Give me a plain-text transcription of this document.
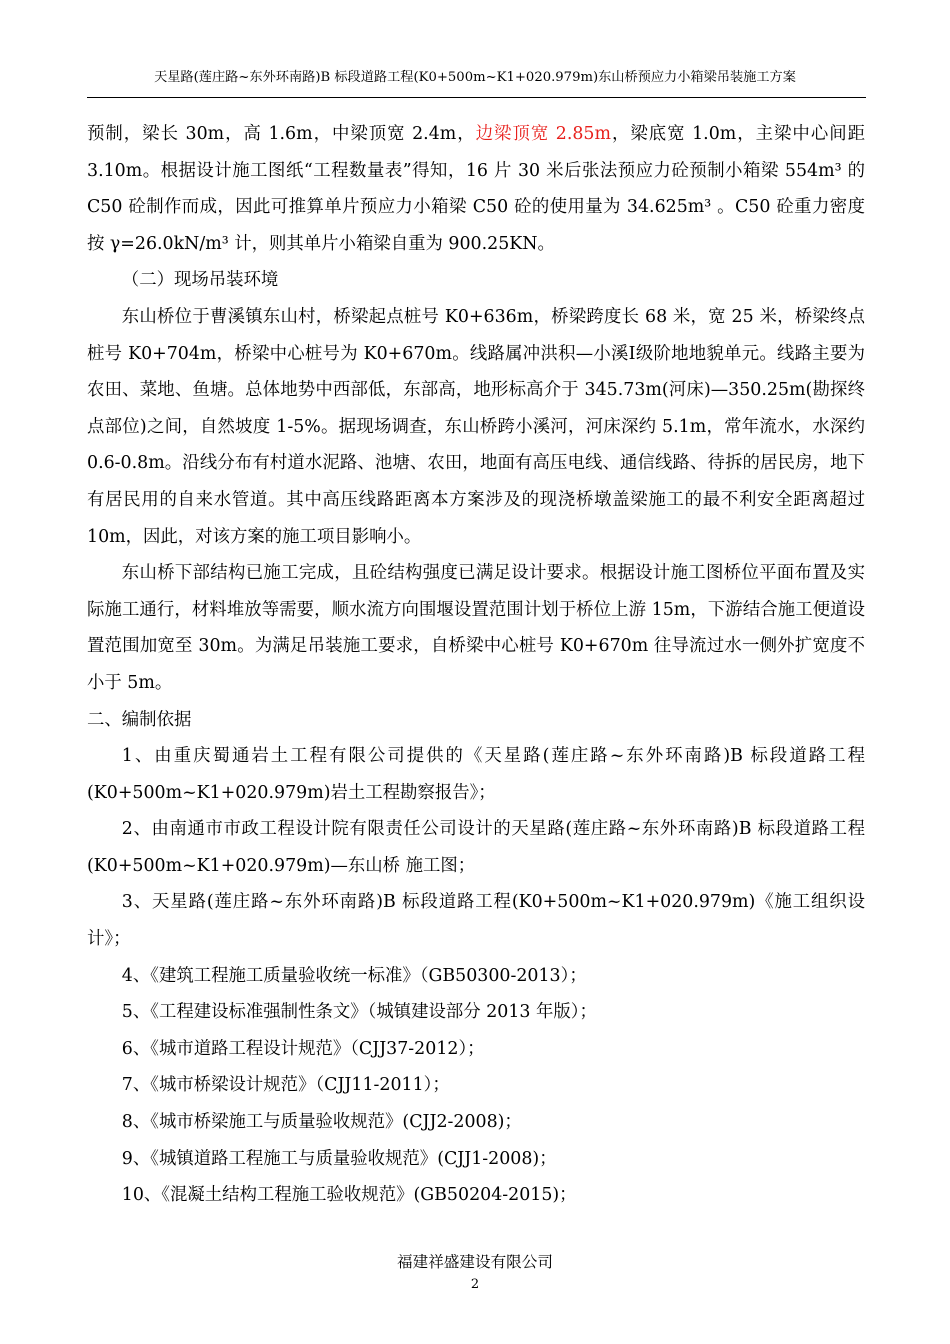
天星路(莲庄路~东外环南路)B 标段道路工程(K0+500m~K1+020.979m)东山桥预应力小箱梁吊装施工方案

预制，梁长 30m，高 1.6m，中梁顶宽 2.4m，边梁顶宽 2.85m，梁底宽 1.0m，主梁中心间距 3.10m。根据设计施工图纸“工程数量表”得知，16 片 30 米后张法预应力砼预制小箱梁 554m³ 的 C50 砼制作而成，因此可推算单片预应力小箱梁 C50 砼的使用量为 34.625m³ 。C50 砼重力密度按 γ=26.0kN/m³ 计，则其单片小箱梁自重为 900.25KN。

（二）现场吊装环境

东山桥位于曹溪镇东山村，桥梁起点桩号 K0+636m，桥梁跨度长 68 米，宽 25 米，桥梁终点桩号 K0+704m，桥梁中心桩号为 K0+670m。线路属冲洪积—小溪Ⅰ级阶地地貌单元。线路主要为农田、菜地、鱼塘。总体地势中西部低，东部高，地形标高介于 345.73m(河床)—350.25m(勘探终点部位)之间，自然坡度 1-5%。据现场调查，东山桥跨小溪河，河床深约 5.1m，常年流水，水深约 0.6-0.8m。沿线分布有村道水泥路、池塘、农田，地面有高压电线、通信线路、待拆的居民房，地下有居民用的自来水管道。其中高压线路距离本方案涉及的现浇桥墩盖梁施工的最不利安全距离超过 10m，因此，对该方案的施工项目影响小。

东山桥下部结构已施工完成，且砼结构强度已满足设计要求。根据设计施工图桥位平面布置及实际施工通行，材料堆放等需要，顺水流方向围堰设置范围计划于桥位上游 15m，下游结合施工便道设置范围加宽至 30m。为满足吊装施工要求，自桥梁中心桩号 K0+670m 往导流过水一侧外扩宽度不小于 5m。

二、编制依据

1、由重庆蜀通岩土工程有限公司提供的《天星路(莲庄路~东外环南路)B 标段道路工程(K0+500m~K1+020.979m)岩土工程勘察报告》；

2、由南通市市政工程设计院有限责任公司设计的天星路(莲庄路~东外环南路)B 标段道路工程(K0+500m~K1+020.979m)—东山桥 施工图；

3、天星路(莲庄路~东外环南路)B 标段道路工程(K0+500m~K1+020.979m)《施工组织设计》；

4、《建筑工程施工质量验收统一标准》（GB50300-2013）；

5、《工程建设标准强制性条文》（城镇建设部分 2013 年版）；

6、《城市道路工程设计规范》（CJJ37-2012）；

7、《城市桥梁设计规范》（CJJ11-2011）；

8、《城市桥梁施工与质量验收规范》(CJJ2-2008)；

9、《城镇道路工程施工与质量验收规范》(CJJ1-2008)；

10、《混凝土结构工程施工验收规范》(GB50204-2015)；

福建祥盛建设有限公司
2
